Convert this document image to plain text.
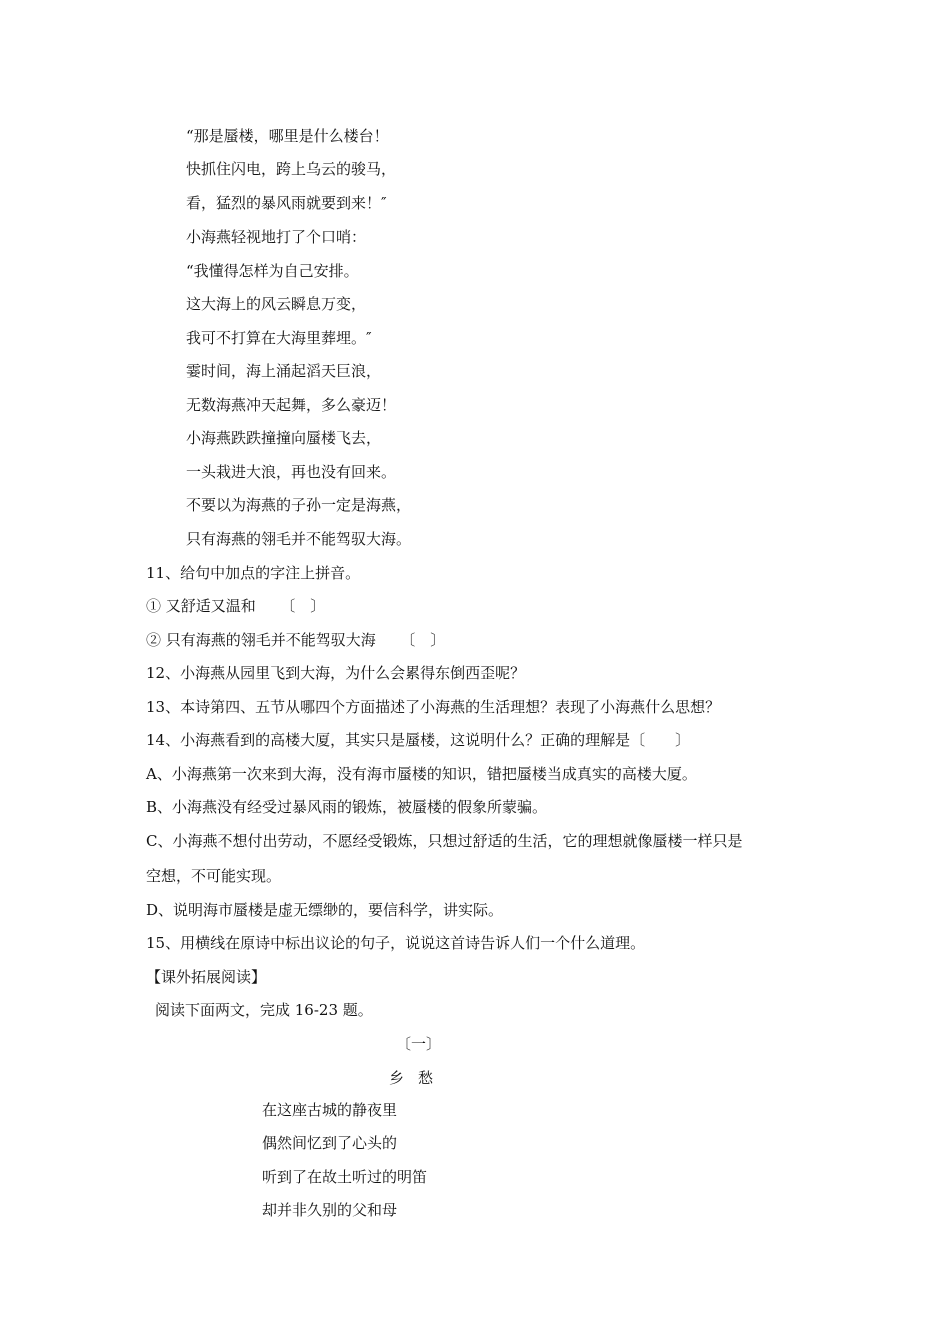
“那是蜃楼，哪里是什么楼台！
快抓住闪电，跨上乌云的骏马，
看，猛烈的暴风雨就要到来！″
小海燕轻视地打了个口哨：
“我懂得怎样为自己安排。
这大海上的风云瞬息万变，
我可不打算在大海里葬埋。″
霎时间，海上涌起滔天巨浪，
无数海燕冲天起舞，多么豪迈！
小海燕跌跌撞撞向蜃楼飞去，
一头栽进大浪，再也没有回来。
不要以为海燕的子孙一定是海燕，
只有海燕的翎毛并不能驾驭大海。
11、给句中加点的字注上拼音。
① 又舒适又温和 　 〔　〕
② 只有海燕的翎毛并不能驾驭大海 　 〔　〕
12、小海燕从园里飞到大海，为什么会累得东倒西歪呢？
13、本诗第四、五节从哪四个方面描述了小海燕的生活理想？表现了小海燕什么思想？
14、小海燕看到的高楼大厦，其实只是蜃楼，这说明什么？正确的理解是〔　　〕
A、小海燕第一次来到大海，没有海市蜃楼的知识，错把蜃楼当成真实的高楼大厦。
B、小海燕没有经受过暴风雨的锻炼，被蜃楼的假象所蒙骗。
C、小海燕不想付出劳动，不愿经受锻炼，只想过舒适的生活，它的理想就像蜃楼一样只是
空想，不可能实现。
D、说明海市蜃楼是虚无缥缈的，要信科学，讲实际。
15、用横线在原诗中标出议论的句子，说说这首诗告诉人们一个什么道理。
【课外拓展阅读】
阅读下面两文，完成 16-23 题。
〔一〕
乡愁
在这座古城的静夜里
偶然间忆到了心头的
听到了在故土听过的明笛
却并非久别的父和母
